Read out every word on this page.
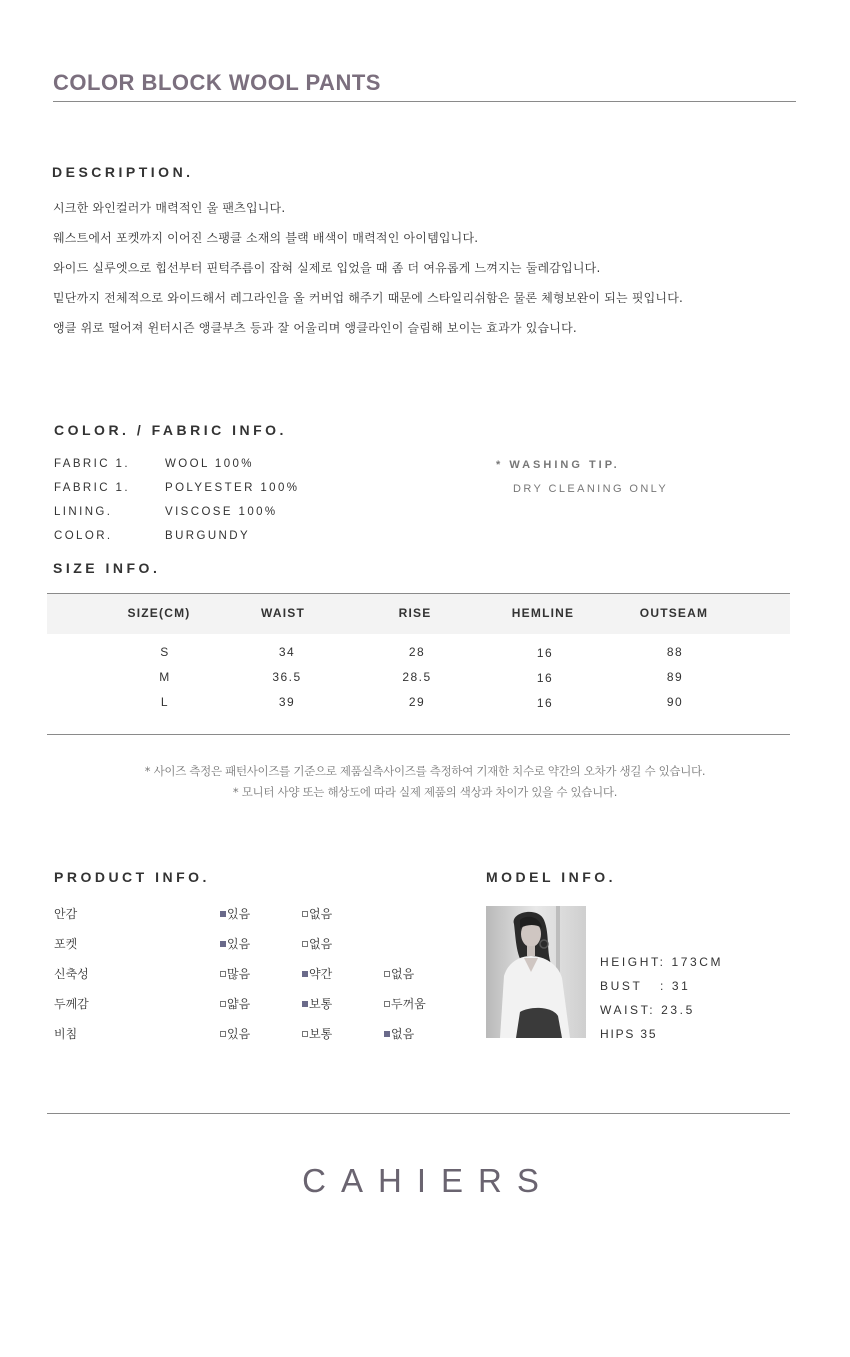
COLOR BLOCK WOOL PANTS
DESCRIPTION.
시크한 와인컬러가 매력적인 울 팬츠입니다.
웨스트에서 포켓까지 이어진 스팽클 소재의 블랙 배색이 매력적인 아이템입니다.
와이드 실루엣으로 힙선부터 핀턱주름이 잡혀 실제로 입었을 때 좀 더 여유롭게 느껴지는 둘레감입니다.
밑단까지 전체적으로 와이드해서 레그라인을 올 커버업 해주기 때문에 스타일리쉬함은 물론 체형보완이 되는 핏입니다.
앵클 위로 떨어져 윈터시즌 앵클부츠 등과 잘 어울리며 앵클라인이 슬림해 보이는 효과가 있습니다.
COLOR. / FABRIC INFO.
FABRIC 1.	WOOL 100%
FABRIC 1.	POLYESTER 100%
LINING.	VISCOSE 100%
COLOR.	BURGUNDY
* WASHING TIP.
DRY CLEANING ONLY
SIZE INFO.
SIZE(CM)	WAIST	RISE	HEMLINE	OUTSEAM
S	34	28	16	88
M	36.5	28.5	16	89
L	39	29	16	90
* 사이즈 측정은 패턴사이즈를 기준으로 제품실측사이즈를 측정하여 기재한 치수로 약간의 오차가 생길 수 있습니다.
* 모니터 사양 또는 해상도에 따라 실제 제품의 색상과 차이가 있을 수 있습니다.
PRODUCT INFO.
안감	있음	없음
포켓	있음	없음
신축성	많음	약간	없음
두께감	얇음	보통	두꺼움
비침	있음	보통	없음
MODEL INFO.
HEIGHT: 173CM
BUST   : 31
WAIST: 23.5
HIPS 35
CAHIERS
